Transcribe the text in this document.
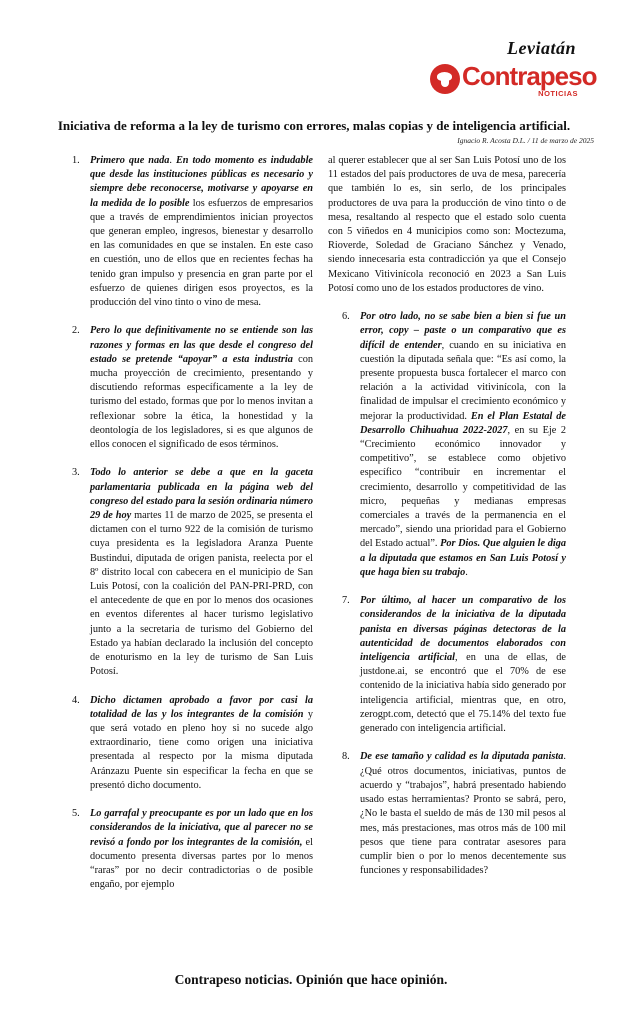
Leviatán
Contrapeso
NOTICIAS
Iniciativa de reforma a la ley de turismo con errores, malas copias y de inteligencia artificial.
Ignacio R. Acosta D.L. / 11 de marzo de 2025
1. Primero que nada. En todo momento es indudable que desde las instituciones públicas es necesario y siempre debe reconocerse, motivarse y apoyarse en la medida de lo posible los esfuerzos de empresarios que a través de emprendimientos inician proyectos que generan empleo, ingresos, bienestar y desarrollo en las comunidades en que se instalen. En este caso en cuestión, uno de ellos que en recientes fechas ha tenido gran impulso y presencia en gran parte por el esfuerzo de quienes dirigen esos proyectos, es la producción del vino tinto o vino de mesa.

2. Pero lo que definitivamente no se entiende son las razones y formas en las que desde el congreso del estado se pretende “apoyar” a esta industria con mucha proyección de crecimiento, presentando y discutiendo reformas específicamente a la ley de turismo del estado, formas que por lo menos invitan a reflexionar sobre la ética, la honestidad y la deontología de los legisladores, si es que algunos de ellos conocen el significado de esos términos.

3. Todo lo anterior se debe a que en la gaceta parlamentaria publicada en la página web del congreso del estado para la sesión ordinaria número 29 de hoy martes 11 de marzo de 2025, se presenta el dictamen con el turno 922 de la comisión de turismo cuya presidenta es la legisladora Aranza Puente Bustindui, diputada de origen panista, reelecta por el 8º distrito local con cabecera en el municipio de San Luis Potosí, con la coalición del PAN-PRI-PRD, con el antecedente de que en por lo menos dos ocasiones en eventos diferentes al hacer turismo legislativo junto a la secretaria de turismo del Gobierno del Estado ya habían declarado la inclusión del concepto de enoturismo en la ley de turismo de San Luis Potosí.

4. Dicho dictamen aprobado a favor por casi la totalidad de las y los integrantes de la comisión y que será votado en pleno hoy si no sucede algo extraordinario, tiene como origen una iniciativa presentada al respecto por la misma diputada Aránzazu Puente sin especificar la fecha en que se presentó dicho documento.

5. Lo garrafal y preocupante es por un lado que en los considerandos de la iniciativa, que al parecer no se revisó a fondo por los integrantes de la comisión, el documento presenta diversas partes por lo menos “raras” por no decir contradictorias o de posible engaño, por ejemplo

al querer establecer que al ser San Luis Potosí uno de los 11 estados del país productores de uva de mesa, parecería que también lo es, sin serlo, de los principales productores de uva para la producción de vino tinto o de mesa, resaltando al respecto que el estado solo cuenta con 5 viñedos en 4 municipios como son: Moctezuma, Rioverde, Soledad de Graciano Sánchez y Venado, siendo innecesaria esta contradicción ya que el Consejo Mexicano Vitivinícola reconoció en 2023 a San Luis Potosí como uno de los estados productores de vino.

6. Por otro lado, no se sabe bien a bien si fue un error, copy – paste o un comparativo que es difícil de entender, cuando en su iniciativa en cuestión la diputada señala que: “Es así como, la presente propuesta busca fortalecer el marco con relación a la actividad vitivinícola, con la finalidad de impulsar el crecimiento económico y mejorar la productividad. En el Plan Estatal de Desarrollo Chihuahua 2022-2027, en su Eje 2 “Crecimiento económico innovador y competitivo”, se establece como objetivo específico “contribuir en incrementar el crecimiento, desarrollo y competitividad de las micro, pequeñas y medianas empresas comerciales a través de la permanencia en el mercado”, siendo una prioridad para el Gobierno del Estado actual”. Por Dios. Que alguien le diga a la diputada que estamos en San Luis Potosí y que haga bien su trabajo.

7. Por último, al hacer un comparativo de los considerandos de la iniciativa de la diputada panista en diversas páginas detectoras de la autenticidad de documentos elaborados con inteligencia artificial, en una de ellas, de justdone.ai, se encontró que el 70% de ese contenido de la iniciativa había sido generado por inteligencia artificial, mientras que, en otro, zerogpt.com, detectó que el 75.14% del texto fue generado con inteligencia artificial.

8. De ese tamaño y calidad es la diputada panista. ¿Qué otros documentos, iniciativas, puntos de acuerdo y “trabajos”, habrá presentado habiendo usado estas herramientas? Pronto se sabrá, pero, ¿No le basta el sueldo de más de 130 mil pesos al mes, más prestaciones, mas otros más de 100 mil pesos que tiene para contratar asesores para cumplir bien o por lo menos decentemente sus funciones y responsabilidades?

Contrapeso noticias. Opinión que hace opinión.
